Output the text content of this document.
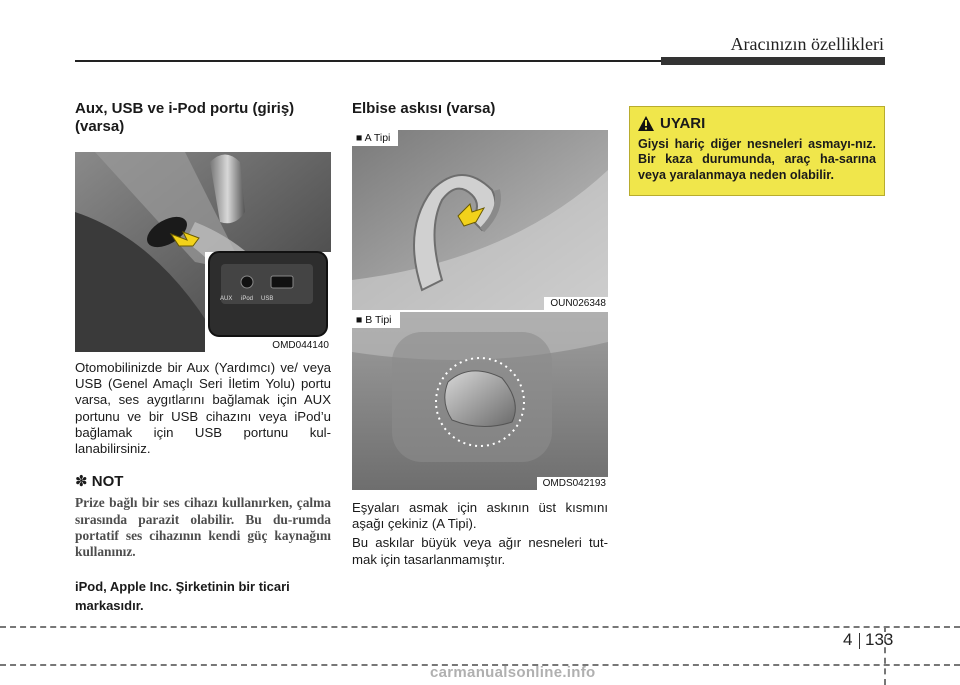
Aracınızın özellikleri

Aux, USB ve i-Pod portu (giriş) (varsa)

AUX iPod USB
OMD044140

Otomobilinizde bir Aux (Yardımcı) ve/ veya USB (Genel Amaçlı Seri İletim Yolu) portu varsa, ses aygıtlarını bağlamak için AUX portunu ve bir USB cihazını veya iPod’u bağlamak için USB portunu kul-lanabilirsiniz.

✽ NOT

Prize bağlı bir ses cihazı kullanırken, çalma sırasında parazit olabilir. Bu du-rumda portatif ses cihazının kendi güç kaynağını kullanınız.

iPod, Apple Inc. Şirketinin bir ticari markasıdır.

Elbise askısı (varsa)

■ A Tipi
OUN026348
■ B Tipi
OMDS042193

Eşyaları asmak için askının üst kısmını aşağı çekiniz (A Tipi).

Bu askılar büyük veya ağır nesneleri tut-mak için tasarlanmamıştır.

UYARI

Giysi hariç diğer nesneleri asmayı-nız. Bir kaza durumunda, araç ha-sarına veya yaralanmaya neden olabilir.

4 133
carmanualsonline.info
